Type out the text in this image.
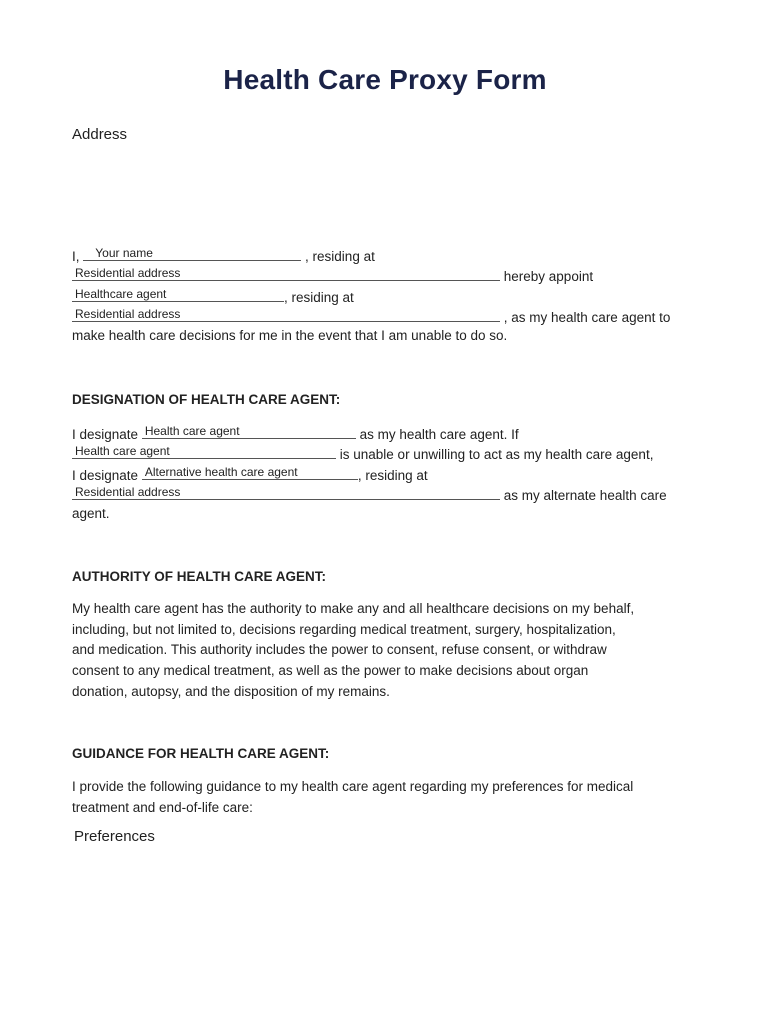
Health Care Proxy Form
Address
I, Your name	, residing at
Residential address	hereby appoint
Healthcare agent	, residing at
Residential address	, as my health care agent to
make health care decisions for me in the event that I am unable to do so.
DESIGNATION OF HEALTH CARE AGENT:
I designate Health care agent	as my health care agent. If
Health care agent	is unable or unwilling to act as my health care agent,
I designate Alternative health care agent	, residing at
Residential address	as my alternate health care
agent.
AUTHORITY OF HEALTH CARE AGENT:
My health care agent has the authority to make any and all healthcare decisions on my behalf,
including, but not limited to, decisions regarding medical treatment, surgery, hospitalization,
and medication. This authority includes the power to consent, refuse consent, or withdraw
consent to any medical treatment, as well as the power to make decisions about organ
donation, autopsy, and the disposition of my remains.
GUIDANCE FOR HEALTH CARE AGENT:
I provide the following guidance to my health care agent regarding my preferences for medical
treatment and end-of-life care:
Preferences
